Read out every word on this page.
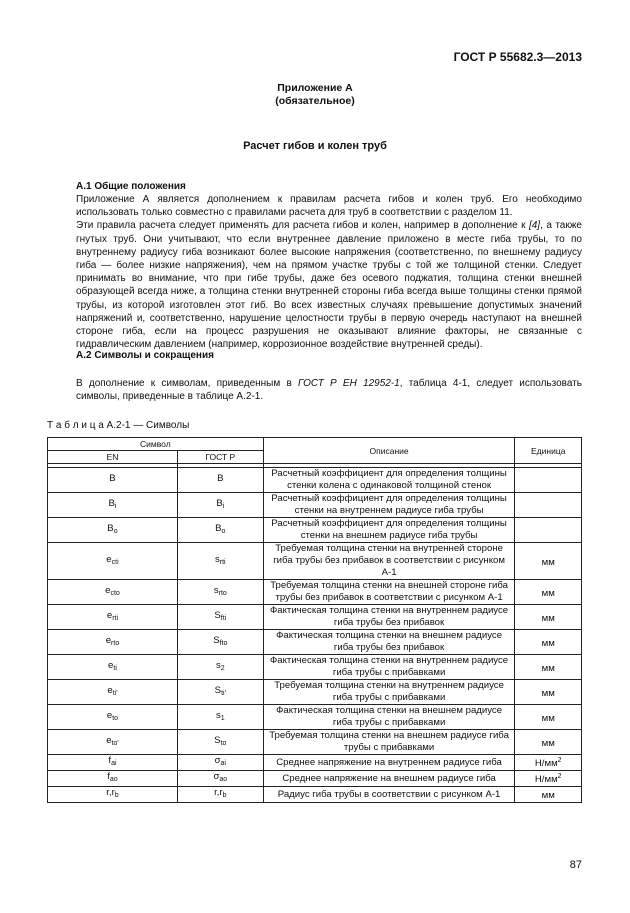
ГОСТ Р 55682.3—2013
Приложение А
(обязательное)
Расчет гибов и колен труб
А.1 Общие положения

Приложение А является дополнением к правилам расчета гибов и колен труб. Его необходимо использовать только совместно с правилами расчета для труб в соответствии с разделом 11.

Эти правила расчета следует применять для расчета гибов и колен, например в дополнение к [4], а также гнутых труб. Они учитывают, что если внутреннее давление приложено в месте гиба трубы, то по внутреннему радиусу гиба возникают более высокие напряжения (соответственно, по внешнему радиусу гиба — более низкие напряжения), чем на прямом участке трубы с той же толщиной стенки. Следует принимать во внимание, что при гибе трубы, даже без осевого поджатия, толщина стенки внешней образующей всегда ниже, а толщина стенки внутренней стороны гиба всегда выше толщины стенки прямой трубы, из которой изготовлен этот гиб. Во всех известных случаях превышение допустимых значений напряжений и, соответственно, нарушение целостности трубы в первую очередь наступают на внешней стороне гиба, если на процесс разрушения не оказывают влияние факторы, не связанные с гидравлическим давлением (например, коррозионное воздействие внутренней среды).

А.2 Символы и сокращения

В дополнение к символам, приведенным в ГОСТ Р ЕН 12952-1, таблица 4-1, следует использовать символы, приведенные в таблице А.2-1.

Т а б л и ц а А.2-1 — Символы
Символ		Описание	Единица
EN	ГОСТ Р		

B	B	Расчетный коэффициент для определения толщины стенки колена с одинаковой толщиной стенок	
$B_i$	$B_i$	Расчетный коэффициент для определения толщины стенки на внутреннем радиусе гиба трубы	
$B_o$	$B_o$	Расчетный коэффициент для определения толщины стенки на внешнем радиусе гиба трубы	
$e_{cti}$	$s_{rti}$	Требуемая толщина стенки на внутренней стороне гиба трубы без прибавок в соответствии с рисунком А-1	мм
$e_{cto}$	$s_{rto}$	Требуемая толщина стенки на внешней стороне гиба трубы без прибавок в соответствии с рисунком А-1	мм
$e_{rti}$	$S_{fti}$	Фактическая толщина стенки на внутреннем радиусе гиба трубы без прибавок	мм
$e_{rto}$	$S_{fto}$	Фактическая толщина стенки на внешнем радиусе гиба трубы без прибавок	мм
$e_{ti}$	$s_2$	Фактическая толщина стенки на внутреннем радиусе гиба трубы с прибавками	мм
$e_{ti'}$	$S_{ti'}$	Требуемая толщина стенки на внутреннем радиусе гиба трубы с прибавками	мм
$e_{to}$	$s_1$	Фактическая толщина стенки на внешнем радиусе гиба трубы с прибавками	мм
$e_{to'}$	$S_{to}$	Требуемая толщина стенки на внешнем радиусе гиба трубы с прибавками	мм
$f_{ai}$	$\sigma_{ai}$	Среднее напряжение на внутреннем радиусе гиба	$Н/мм^2$
$f_{ao}$	$\sigma_{ao}$	Среднее напряжение на внешнем радиусе гиба	$Н/мм^2$
$r,r_b$	$r,r_b$	Радиус гиба трубы в соответствии с рисунком А-1	мм
87
